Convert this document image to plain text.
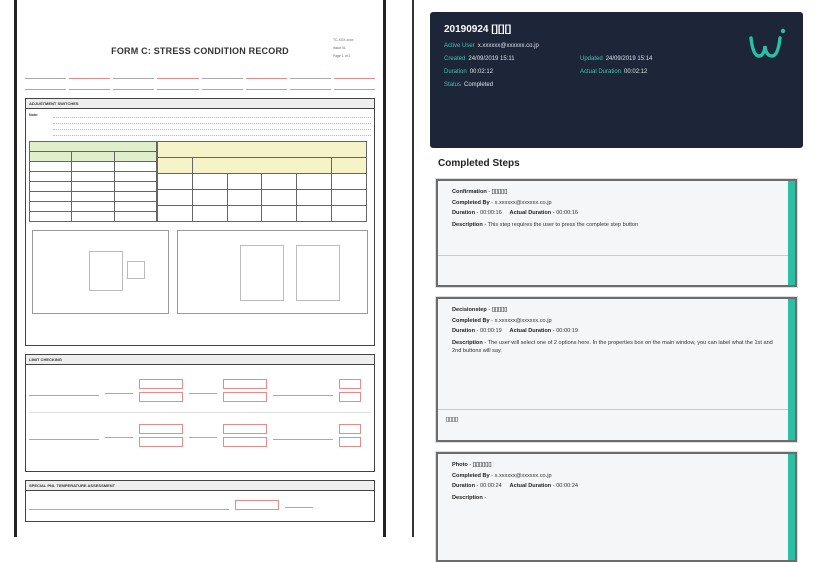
FORM C: STRESS CONDITION RECORD
TC-XXX-xxxx
Issue 01
Page 1 of 2
ADJUSTMENT SWITCHES
Note:

LIMIT CHECKING
SPECIAL PNL TEMPERATURE ASSESSMENT
20190924 [][][]
Active User x.xxxxxx@xxxxxx.co.jp
Created 24/09/2019 15:11	Updated 24/09/2019 15:14
Duration 00:02:12	Actual Duration 00:02:12
Status Completed
Completed Steps
Confirmation - [][][][][]
Completed By - x.xxxxxx@xxxxxx.co.jp
Duration - 00:00:16 Actual Duration - 00:00:16
Description - This step requires the user to press the complete step button
Decisionstep - [][][][][]
Completed By - x.xxxxxx@xxxxxx.co.jp
Duration - 00:00:19 Actual Duration - 00:00:19
Description - The user will select one of 2 options here. In the properties box on the main window, you can label what the 1st and 2nd buttons will say.
[][][][]
Photo - [][][][][][]
Completed By - x.xxxxxx@xxxxxx.co.jp
Duration - 00:00:24 Actual Duration - 00:00:24
Description -
